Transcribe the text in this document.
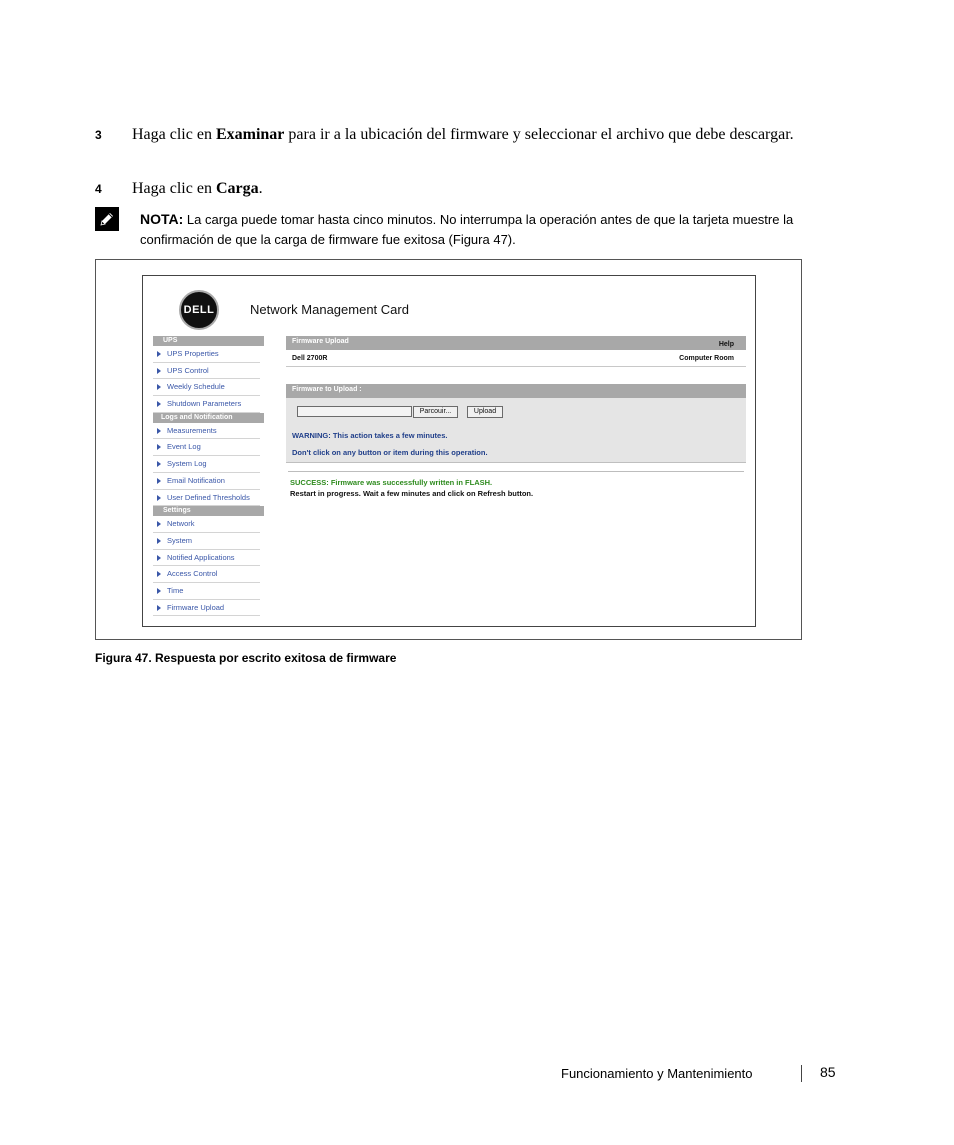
3 Haga clic en Examinar para ir a la ubicación del firmware y seleccionar el archivo que debe descargar.
4 Haga clic en Carga.
NOTA: La carga puede tomar hasta cinco minutos. No interrumpa la operación antes de que la tarjeta muestre la confirmación de que la carga de firmware fue exitosa (Figura 47).
DELL	Network Management Card
UPS
UPS Properties
UPS Control
Weekly Schedule
Shutdown Parameters
Logs and Notification
Measurements
Event Log
System Log
Email Notification
User Defined Thresholds
Settings
Network
System
Notified Applications
Access Control
Time
Firmware Upload
Firmware Upload	Help
Dell 2700R	Computer Room
Firmware to Upload :
Parcouir...	Upload
WARNING: This action takes a few minutes.
Don't click on any button or item during this operation.
SUCCESS: Firmware was successfully written in FLASH.
Restart in progress. Wait a few minutes and click on Refresh button.
Figura 47. Respuesta por escrito exitosa de firmware
Funcionamiento y Mantenimiento	85
